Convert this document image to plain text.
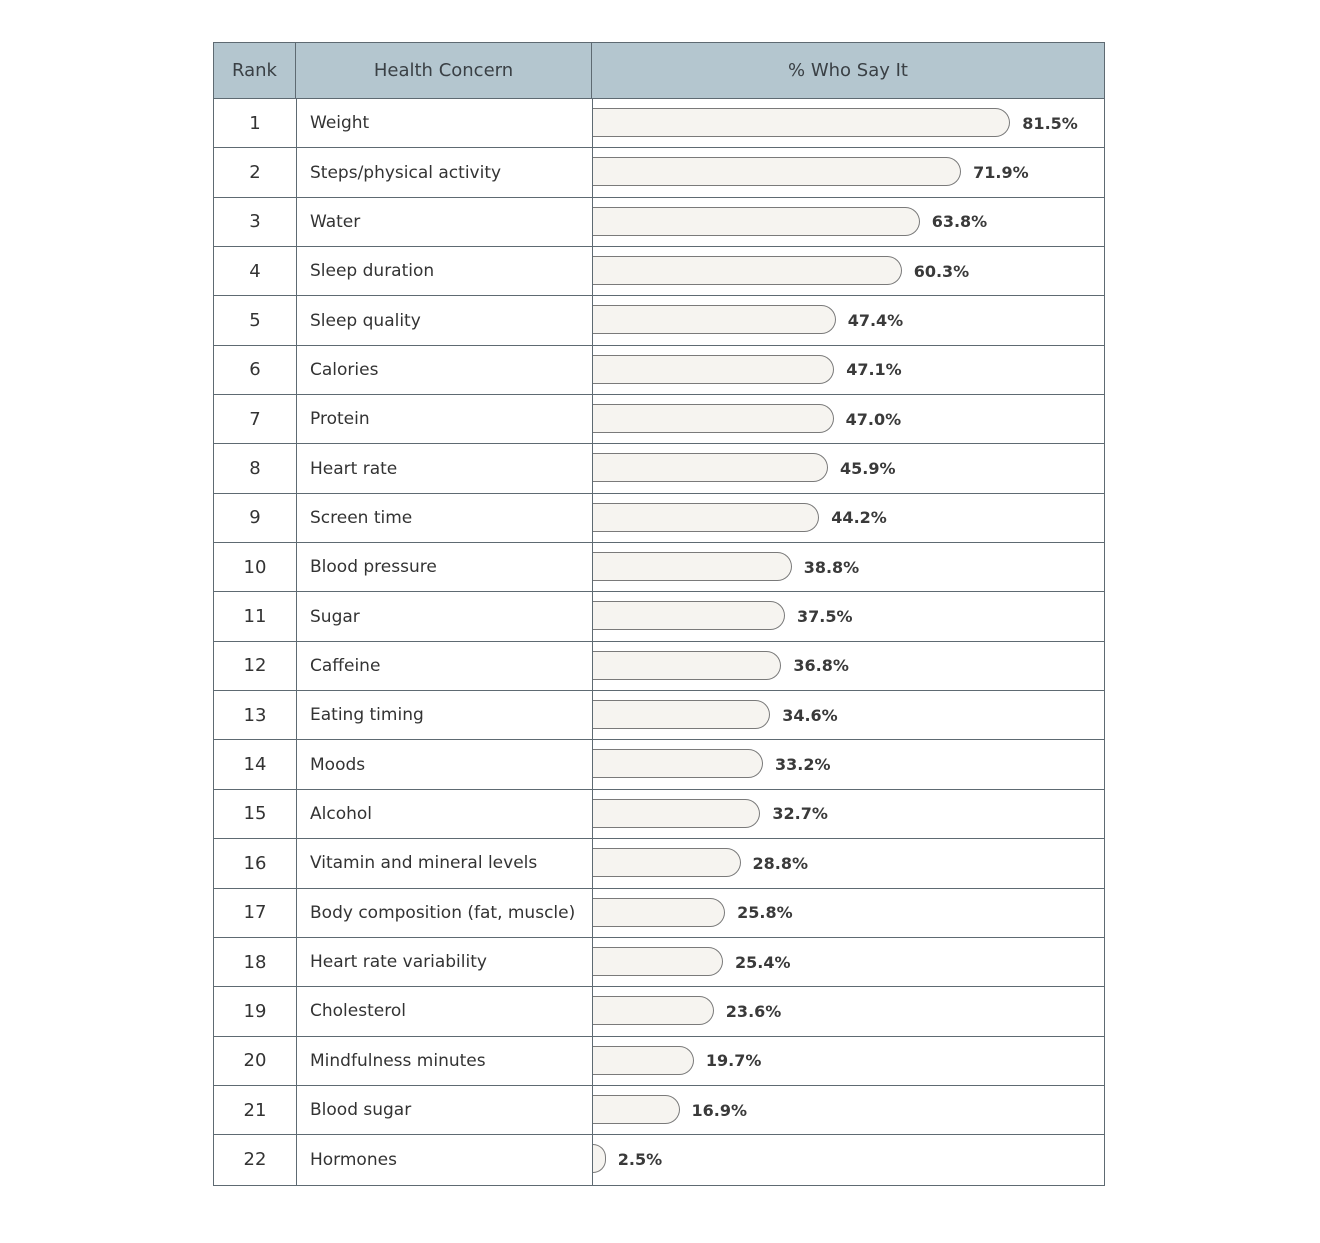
Rank	Health Concern	% Who Say It
1	Weight	81.5%
2	Steps/physical activity	71.9%
3	Water	63.8%
4	Sleep duration	60.3%
5	Sleep quality	47.4%
6	Calories	47.1%
7	Protein	47.0%
8	Heart rate	45.9%
9	Screen time	44.2%
10	Blood pressure	38.8%
11	Sugar	37.5%
12	Caffeine	36.8%
13	Eating timing	34.6%
14	Moods	33.2%
15	Alcohol	32.7%
16	Vitamin and mineral levels	28.8%
17	Body composition (fat, muscle)	25.8%
18	Heart rate variability	25.4%
19	Cholesterol	23.6%
20	Mindfulness minutes	19.7%
21	Blood sugar	16.9%
22	Hormones	2.5%
